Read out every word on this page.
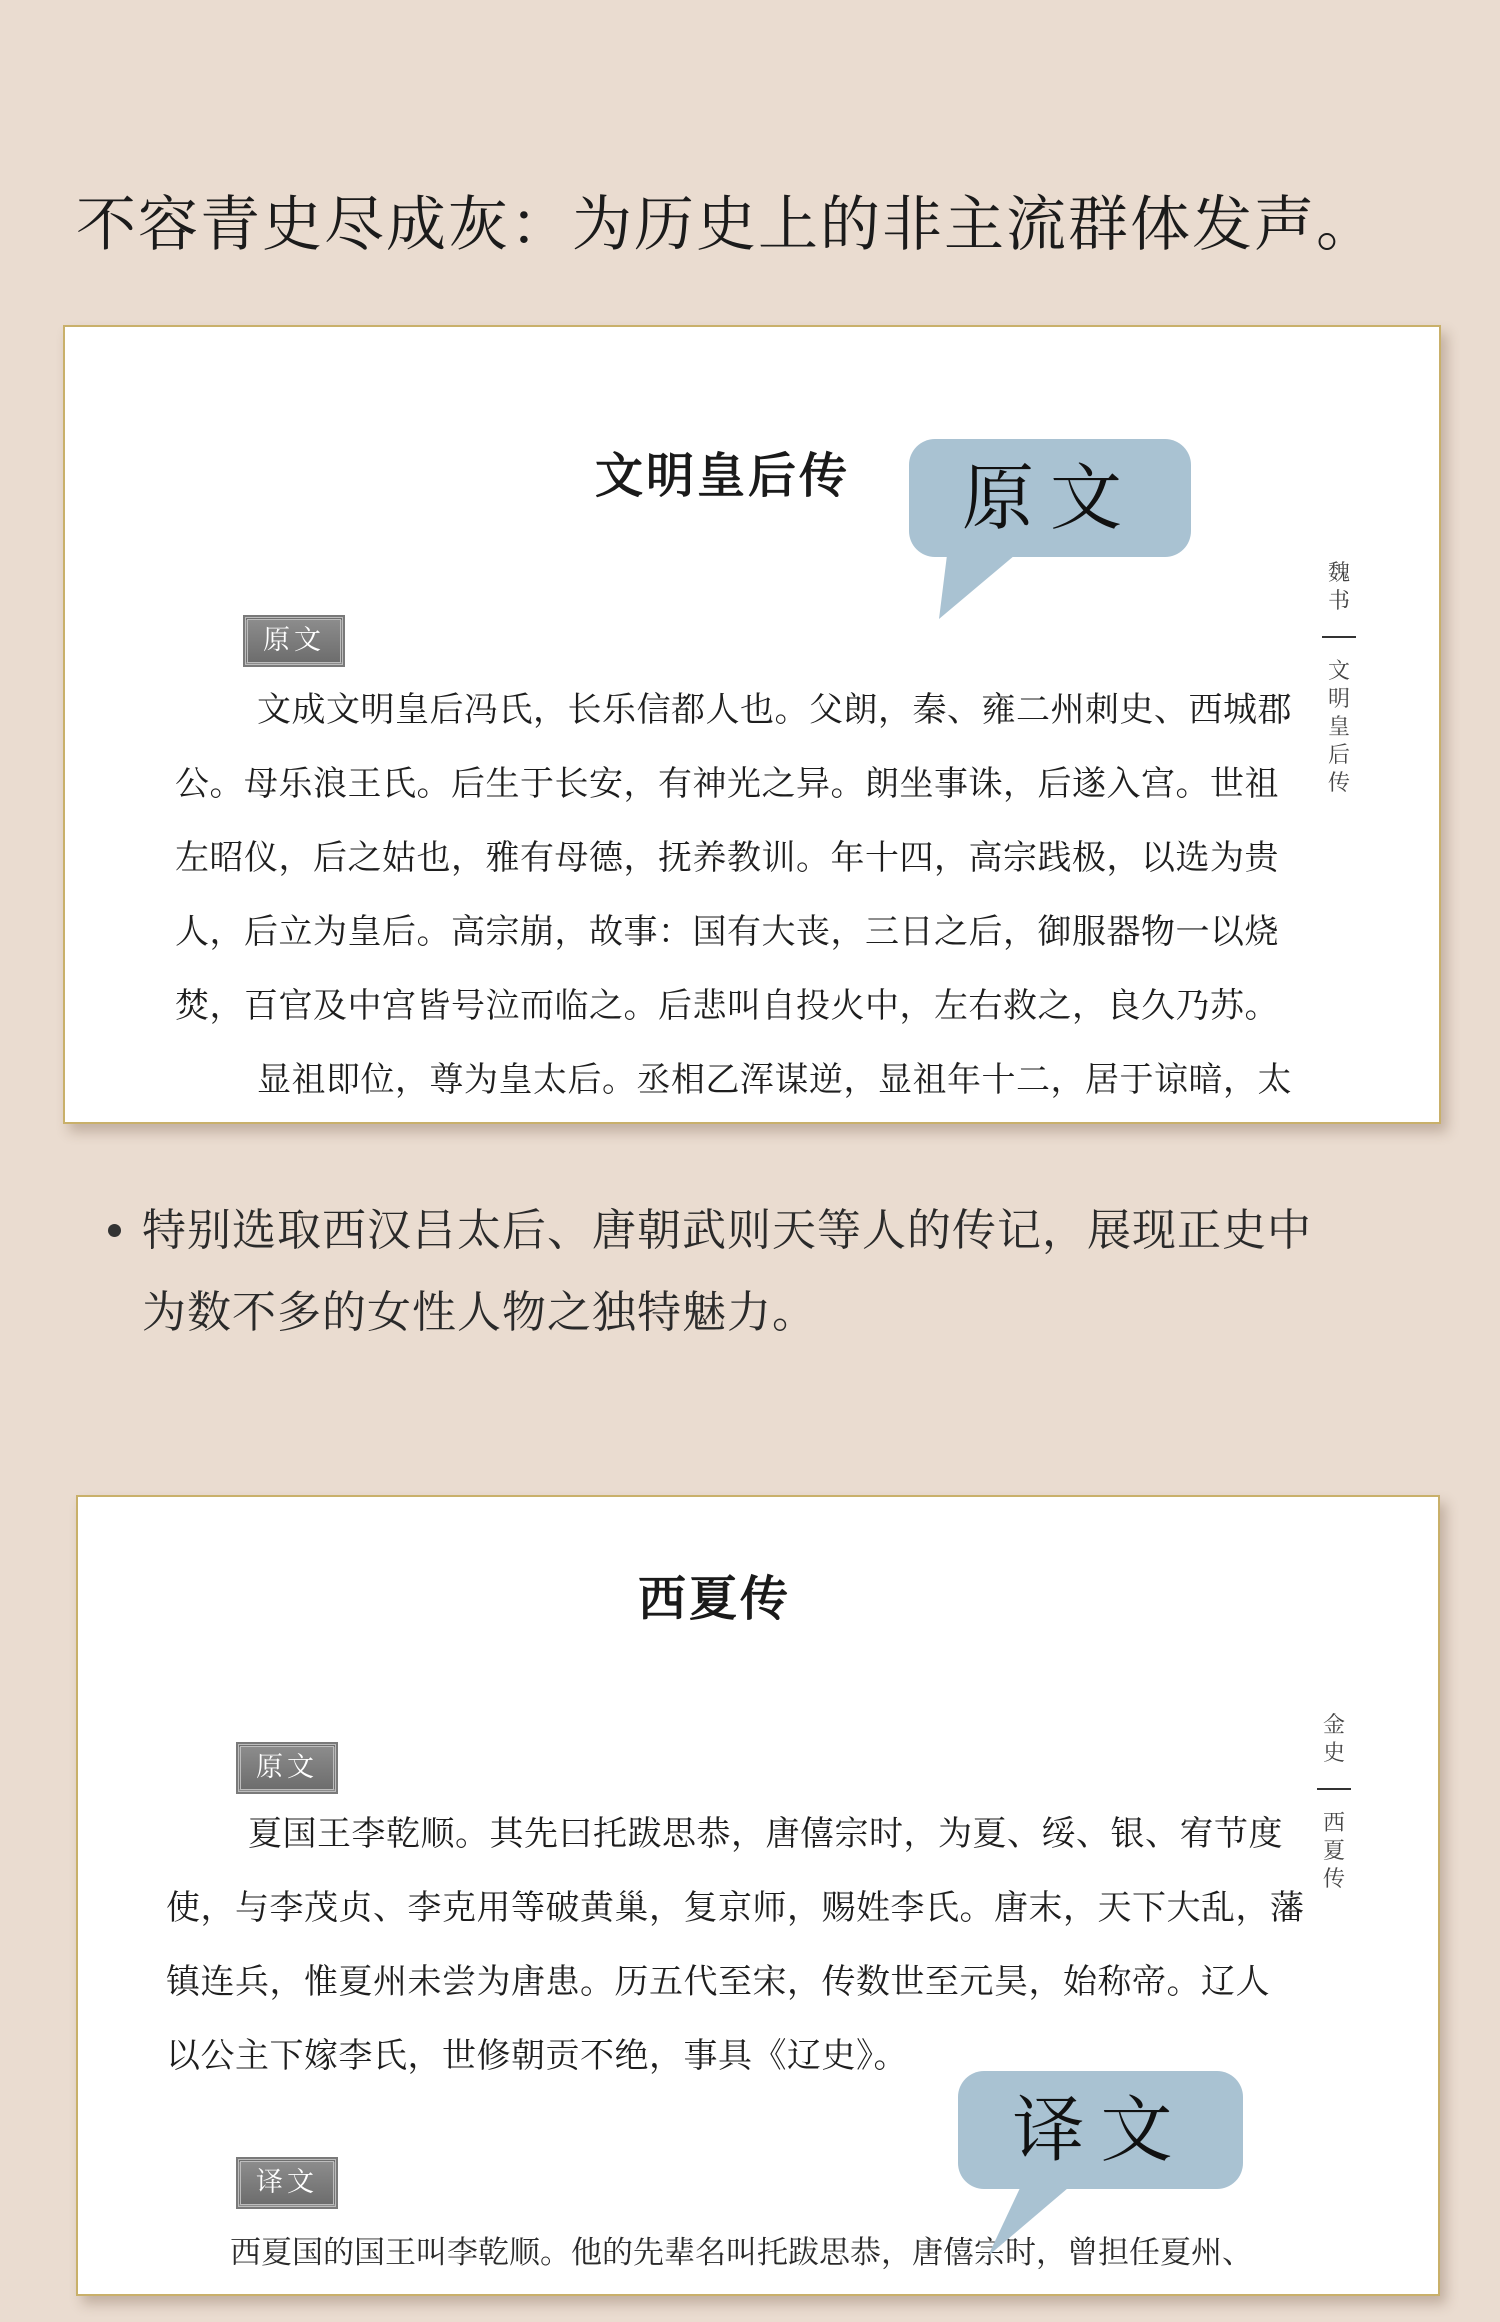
不容青史尽成灰：为历史上的非主流群体发声。
文明皇后传	原文
原文
文成文明皇后冯氏，长乐信都人也。父朗，秦、雍二州刺史、西城郡
公。母乐浪王氏。后生于长安，有神光之异。朗坐事诛，后遂入宫。世祖
左昭仪，后之姑也，雅有母德，抚养教训。年十四，高宗践极，以选为贵
人，后立为皇后。高宗崩，故事：国有大丧，三日之后，御服器物一以烧
焚，百官及中宫皆号泣而临之。后悲叫自投火中，左右救之，良久乃苏。
显祖即位，尊为皇太后。丞相乙浑谋逆，显祖年十二，居于谅暗，太
魏
书
文
明
皇
后
传
特别选取西汉吕太后、唐朝武则天等人的传记，展现正史中
为数不多的女性人物之独特魅力。
西夏传
原文
夏国王李乾顺。其先曰托跋思恭，唐僖宗时，为夏、绥、银、宥节度
使，与李茂贞、李克用等破黄巢，复京师，赐姓李氏。唐末，天下大乱，藩
镇连兵，惟夏州未尝为唐患。历五代至宋，传数世至元昊，始称帝。辽人
以公主下嫁李氏，世修朝贡不绝，事具《辽史》。
译文
西夏国的国王叫李乾顺。他的先辈名叫托跋思恭，唐僖宗时，曾担任夏州、
译文
金
史
西
夏
传
